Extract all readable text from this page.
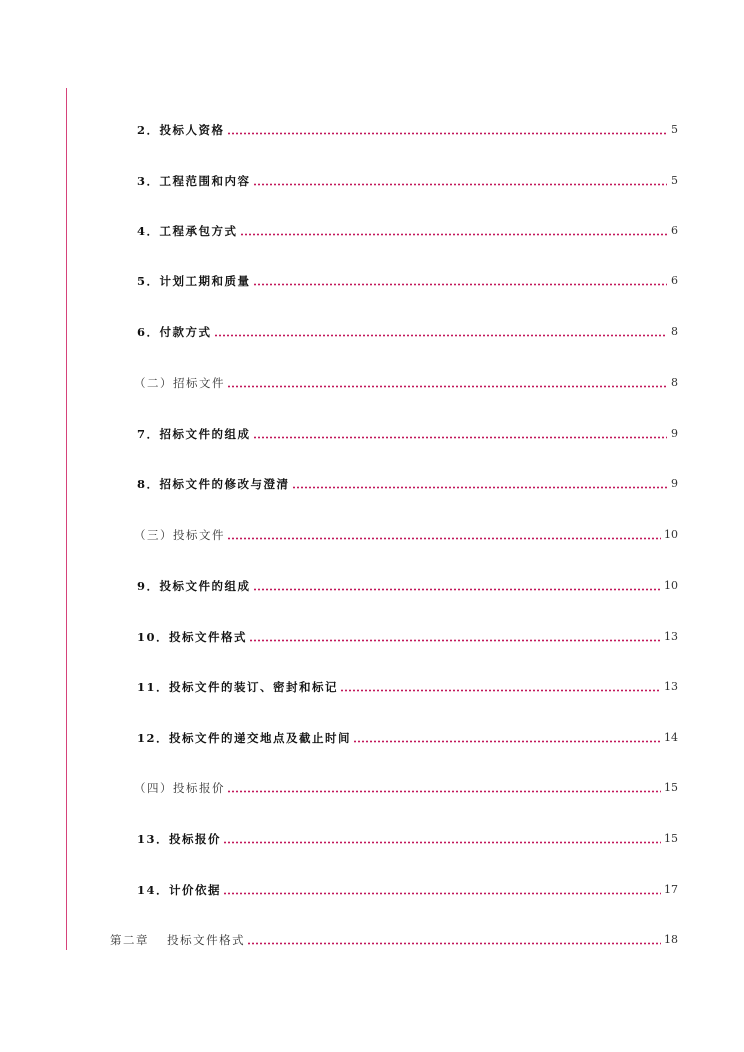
2．投标人资格	5
3．工程范围和内容	5
4．工程承包方式	6
5．计划工期和质量	6
6．付款方式	8
（二）招标文件	8
7．招标文件的组成	9
8．招标文件的修改与澄清	9
（三）投标文件	10
9．投标文件的组成	10
10．投标文件格式	13
11．投标文件的装订、密封和标记	13
12．投标文件的递交地点及截止时间	14
（四）投标报价	15
13．投标报价	15
14．计价依据	17
第二章　 投标文件格式	18
